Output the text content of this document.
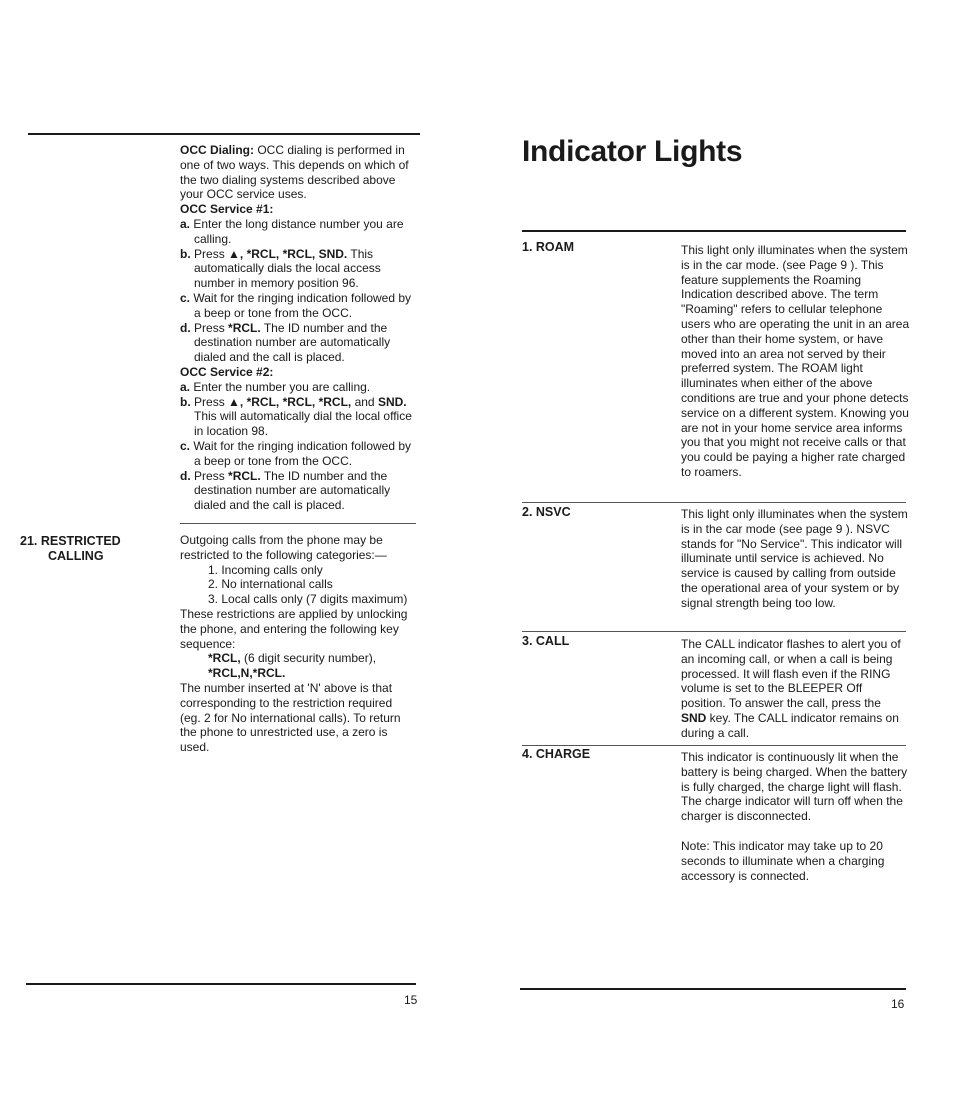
OCC Dialing: OCC dialing is performed in one of two ways. This depends on which of the two dialing systems described above your OCC service uses.

OCC Service #1:

a. Enter the long distance number you are calling.

b. Press ▲, *RCL, *RCL, SND. This automatically dials the local access number in memory position 96.

c. Wait for the ringing indication followed by a beep or tone from the OCC.

d. Press *RCL. The ID number and the destination number are automatically dialed and the call is placed.

OCC Service #2:

a. Enter the number you are calling.

b. Press ▲, *RCL, *RCL, *RCL, and SND. This will automatically dial the local office in location 98.

c. Wait for the ringing indication followed by a beep or tone from the OCC.

d. Press *RCL. The ID number and the destination number are automatically dialed and the call is placed.

21. RESTRICTED
CALLING

Outgoing calls from the phone may be restricted to the following categories:—

1. Incoming calls only

2. No international calls

3. Local calls only (7 digits maximum)

These restrictions are applied by unlocking the phone, and entering the following key sequence:

*RCL, (6 digit security number),

*RCL,N,*RCL.

The number inserted at 'N' above is that corresponding to the restriction required (eg. 2 for No international calls). To return the phone to unrestricted use, a zero is used.

15
Indicator Lights
1. ROAM	This light only illuminates when the system is in the car mode. (see Page 9 ). This feature supplements the Roaming Indication described above. The term "Roaming" refers to cellular telephone users who are operating the unit in an area other than their home system, or have moved into an area not served by their preferred system. The ROAM light illuminates when either of the above conditions are true and your phone detects service on a different system. Knowing you are not in your home service area informs you that you might not receive calls or that you could be paying a higher rate charged to roamers.
2. NSVC	This light only illuminates when the system is in the car mode (see page 9 ). NSVC stands for "No Service". This indicator will illuminate until service is achieved. No service is caused by calling from outside the operational area of your system or by signal strength being too low.
3. CALL	The CALL indicator flashes to alert you of an incoming call, or when a call is being processed. It will flash even if the RING volume is set to the BLEEPER Off position. To answer the call, press the SND key. The CALL indicator remains on during a call.
4. CHARGE	This indicator is continuously lit when the battery is being charged. When the battery is fully charged, the charge light will flash. The charge indicator will turn off when the charger is disconnected.

Note: This indicator may take up to 20 seconds to illuminate when a charging accessory is connected.

16
